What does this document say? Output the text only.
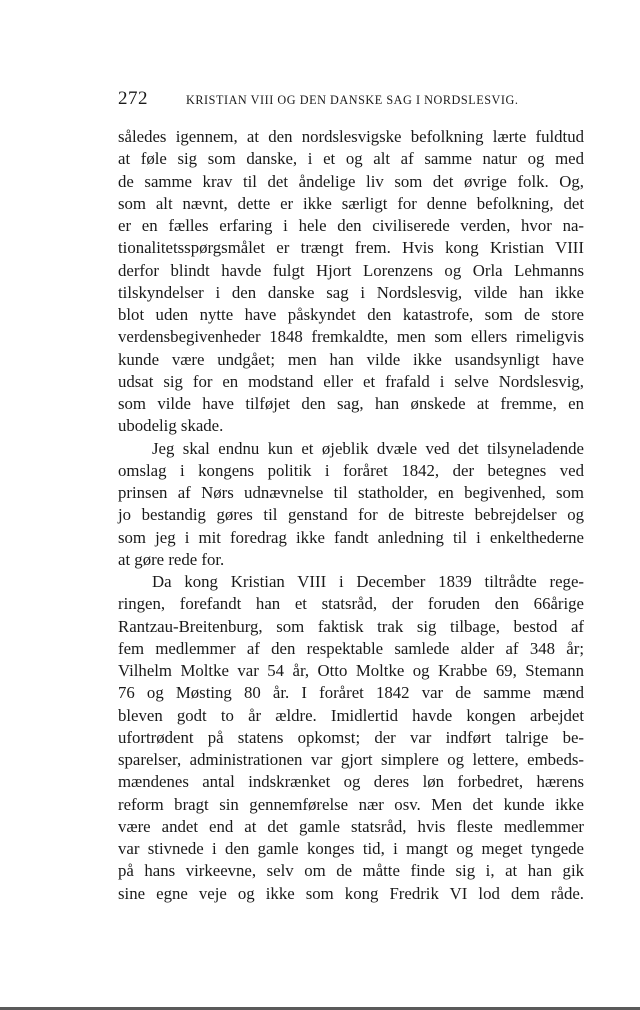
272	KRISTIAN VIII OG DEN DANSKE SAG I NORDSLESVIG.
således igennem, at den nordslesvigske befolkning lærte fuldtud
at føle sig som danske, i et og alt af samme natur og med
de samme krav til det åndelige liv som det øvrige folk. Og,
som alt nævnt, dette er ikke særligt for denne befolkning, det
er en fælles erfaring i hele den civiliserede verden, hvor na-
tionalitetsspørgsmålet er trængt frem. Hvis kong Kristian VIII
derfor blindt havde fulgt Hjort Lorenzens og Orla Lehmanns
tilskyndelser i den danske sag i Nordslesvig, vilde han ikke
blot uden nytte have påskyndet den katastrofe, som de store
verdensbegivenheder 1848 fremkaldte, men som ellers rimeligvis
kunde være undgået; men han vilde ikke usandsynligt have
udsat sig for en modstand eller et frafald i selve Nordslesvig,
som vilde have tilføjet den sag, han ønskede at fremme, en
ubodelig skade.
Jeg skal endnu kun et øjeblik dvæle ved det tilsyneladende
omslag i kongens politik i foråret 1842, der betegnes ved
prinsen af Nørs udnævnelse til statholder, en begivenhed, som
jo bestandig gøres til genstand for de bitreste bebrejdelser og
som jeg i mit foredrag ikke fandt anledning til i enkelthederne
at gøre rede for.
Da kong Kristian VIII i December 1839 tiltrådte rege-
ringen, forefandt han et statsråd, der foruden den 66årige
Rantzau-Breitenburg, som faktisk trak sig tilbage, bestod af
fem medlemmer af den respektable samlede alder af 348 år;
Vilhelm Moltke var 54 år, Otto Moltke og Krabbe 69, Stemann
76 og Møsting 80 år. I foråret 1842 var de samme mænd
bleven godt to år ældre. Imidlertid havde kongen arbejdet
ufortrødent på statens opkomst; der var indført talrige be-
sparelser, administrationen var gjort simplere og lettere, embeds-
mændenes antal indskrænket og deres løn forbedret, hærens
reform bragt sin gennemførelse nær osv. Men det kunde ikke
være andet end at det gamle statsråd, hvis fleste medlemmer
var stivnede i den gamle konges tid, i mangt og meget tyngede
på hans virkeevne, selv om de måtte finde sig i, at han gik
sine egne veje og ikke som kong Fredrik VI lod dem råde.
